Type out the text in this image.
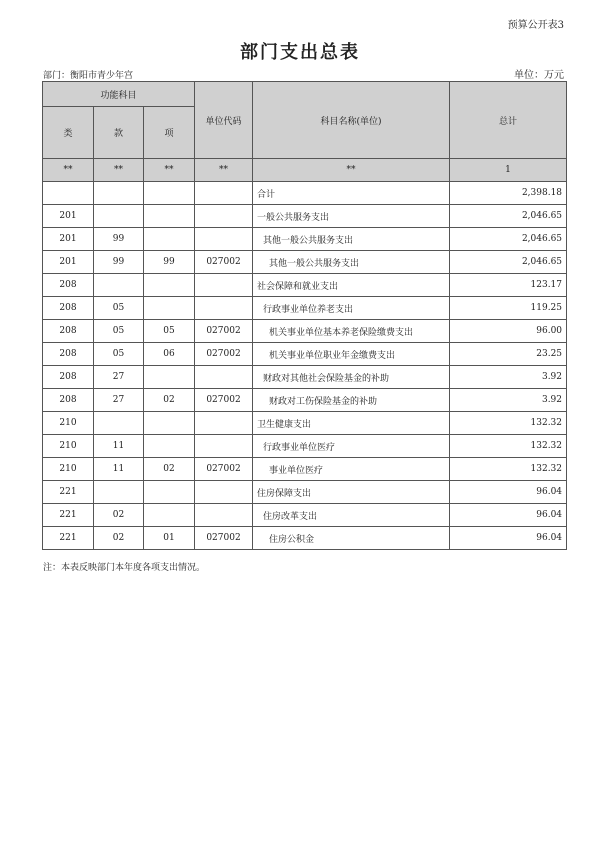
预算公开表3
部门支出总表
部门：衡阳市青少年宫	单位：万元
功能科目			单位代码	科目名称(单位)	总计
类	款	项			
**	**	**	**	**	1
				合计	2,398.18
201				一般公共服务支出	2,046.65
201	99			其他一般公共服务支出	2,046.65
201	99	99	027002	其他一般公共服务支出	2,046.65
208				社会保障和就业支出	123.17
208	05			行政事业单位养老支出	119.25
208	05	05	027002	机关事业单位基本养老保险缴费支出	96.00
208	05	06	027002	机关事业单位职业年金缴费支出	23.25
208	27			财政对其他社会保险基金的补助	3.92
208	27	02	027002	财政对工伤保险基金的补助	3.92
210				卫生健康支出	132.32
210	11			行政事业单位医疗	132.32
210	11	02	027002	事业单位医疗	132.32
221				住房保障支出	96.04
221	02			住房改革支出	96.04
221	02	01	027002	住房公积金	96.04
注：本表反映部门本年度各项支出情况。
